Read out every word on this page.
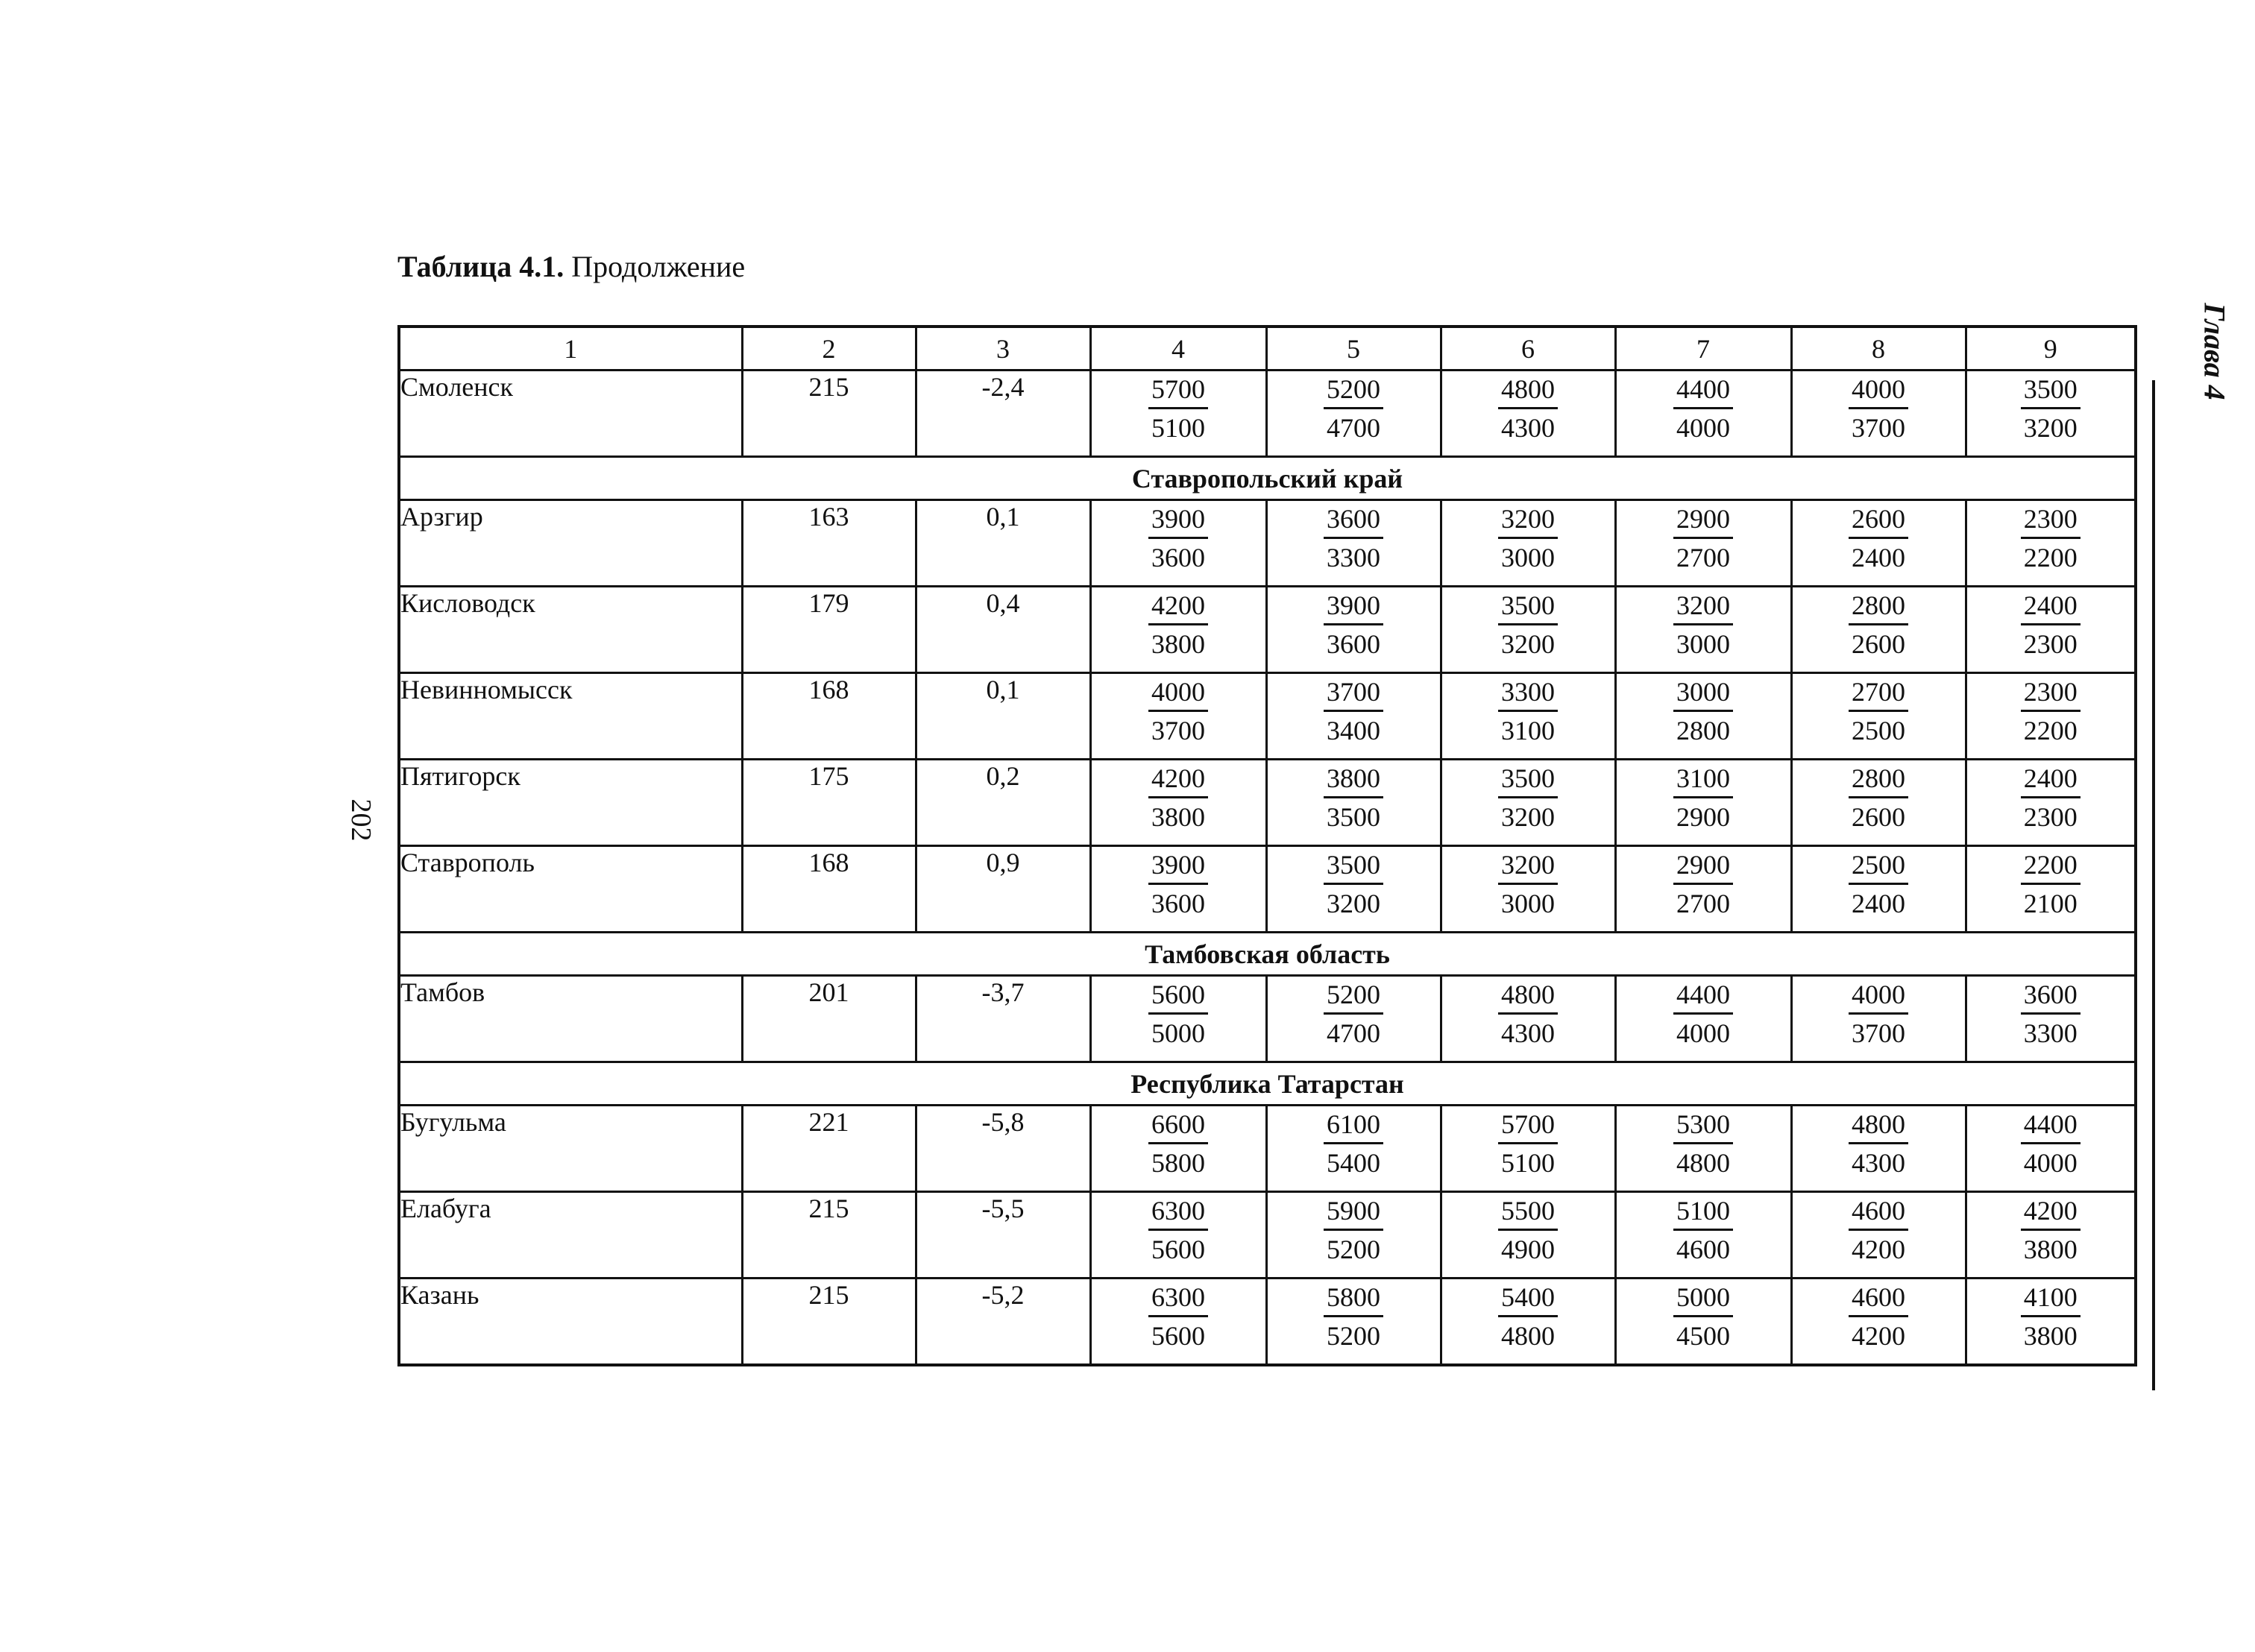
Таблица 4.1. Продолжение
202
Глава 4
1	2	3	4	5	6	7	8	9
Смоленск	215	-2,4	$\frac{5700}{5100}$	$\frac{5200}{4700}$	$\frac{4800}{4300}$	$\frac{4400}{4000}$	$\frac{4000}{3700}$	$\frac{3500}{3200}$

Ставропольский край								
Арзгир	163	0,1	$\frac{3900}{3600}$	$\frac{3600}{3300}$	$\frac{3200}{3000}$	$\frac{2900}{2700}$	$\frac{2600}{2400}$	$\frac{2300}{2200}$

Кисловодск	179	0,4	$\frac{4200}{3800}$	$\frac{3900}{3600}$	$\frac{3500}{3200}$	$\frac{3200}{3000}$	$\frac{2800}{2600}$	$\frac{2400}{2300}$

Невинномысск	168	0,1	$\frac{4000}{3700}$	$\frac{3700}{3400}$	$\frac{3300}{3100}$	$\frac{3000}{2800}$	$\frac{2700}{2500}$	$\frac{2300}{2200}$

Пятигорск	175	0,2	$\frac{4200}{3800}$	$\frac{3800}{3500}$	$\frac{3500}{3200}$	$\frac{3100}{2900}$	$\frac{2800}{2600}$	$\frac{2400}{2300}$

Ставрополь	168	0,9	$\frac{3900}{3600}$	$\frac{3500}{3200}$	$\frac{3200}{3000}$	$\frac{2900}{2700}$	$\frac{2500}{2400}$	$\frac{2200}{2100}$

Тамбовская область								
Тамбов	201	-3,7	$\frac{5600}{5000}$	$\frac{5200}{4700}$	$\frac{4800}{4300}$	$\frac{4400}{4000}$	$\frac{4000}{3700}$	$\frac{3600}{3300}$

Республика Татарстан								
Бугульма	221	-5,8	$\frac{6600}{5800}$	$\frac{6100}{5400}$	$\frac{5700}{5100}$	$\frac{5300}{4800}$	$\frac{4800}{4300}$	$\frac{4400}{4000}$

Елабуга	215	-5,5	$\frac{6300}{5600}$	$\frac{5900}{5200}$	$\frac{5500}{4900}$	$\frac{5100}{4600}$	$\frac{4600}{4200}$	$\frac{4200}{3800}$

Казань	215	-5,2	$\frac{6300}{5600}$	$\frac{5800}{5200}$	$\frac{5400}{4800}$	$\frac{5000}{4500}$	$\frac{4600}{4200}$	$\frac{4100}{3800}$
